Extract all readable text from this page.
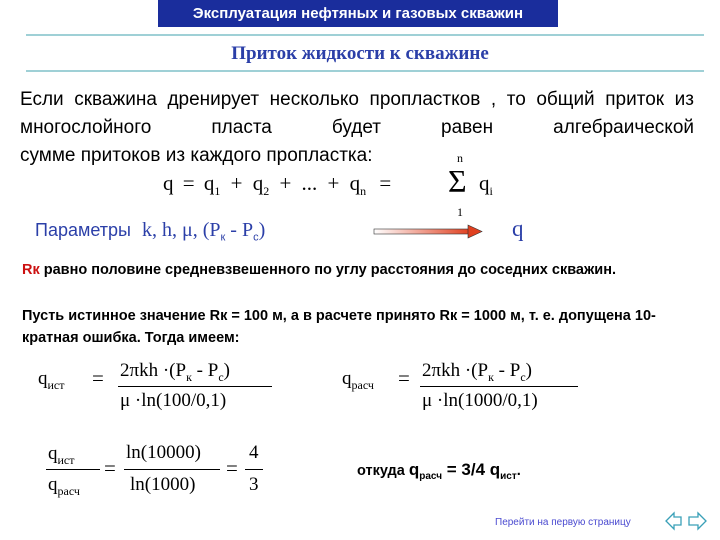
Эксплуатация нефтяных и газовых скважин
Приток жидкости к скважине
Если скважина дренирует несколько пропластков , то общий приток из многослойного пласта будет равен алгебраической
сумме притоков из каждого пропластка:
$q = q_1 + q_2$ + ... + $q_n$ =
n
Σ
1
$q_i$
Параметры k, h, μ, $(P_к - P_с)$	q
Rк равно половине средневзвешенного по углу расстояния до соседних скважин.
Пусть истинное значение Rк = 100 м, а в расчете принято Rк = 1000 м, т. е. допущена 10-кратная ошибка. Тогда имеем:
$q_{ист} = 2\pi kh \cdot(P_к - P_с)$
μ ·ln(100/0,1)
$q_{расч} = 2\pi kh \cdot(P_к - P_с)$
μ ·ln(1000/0,1)
$q_{ист}$
$q_{расч}$
=
ln(10000)
ln(1000)
=
4
3
откуда $q_{расч} = 3/4$ $q_{ист}$.
Перейти на первую страницу
